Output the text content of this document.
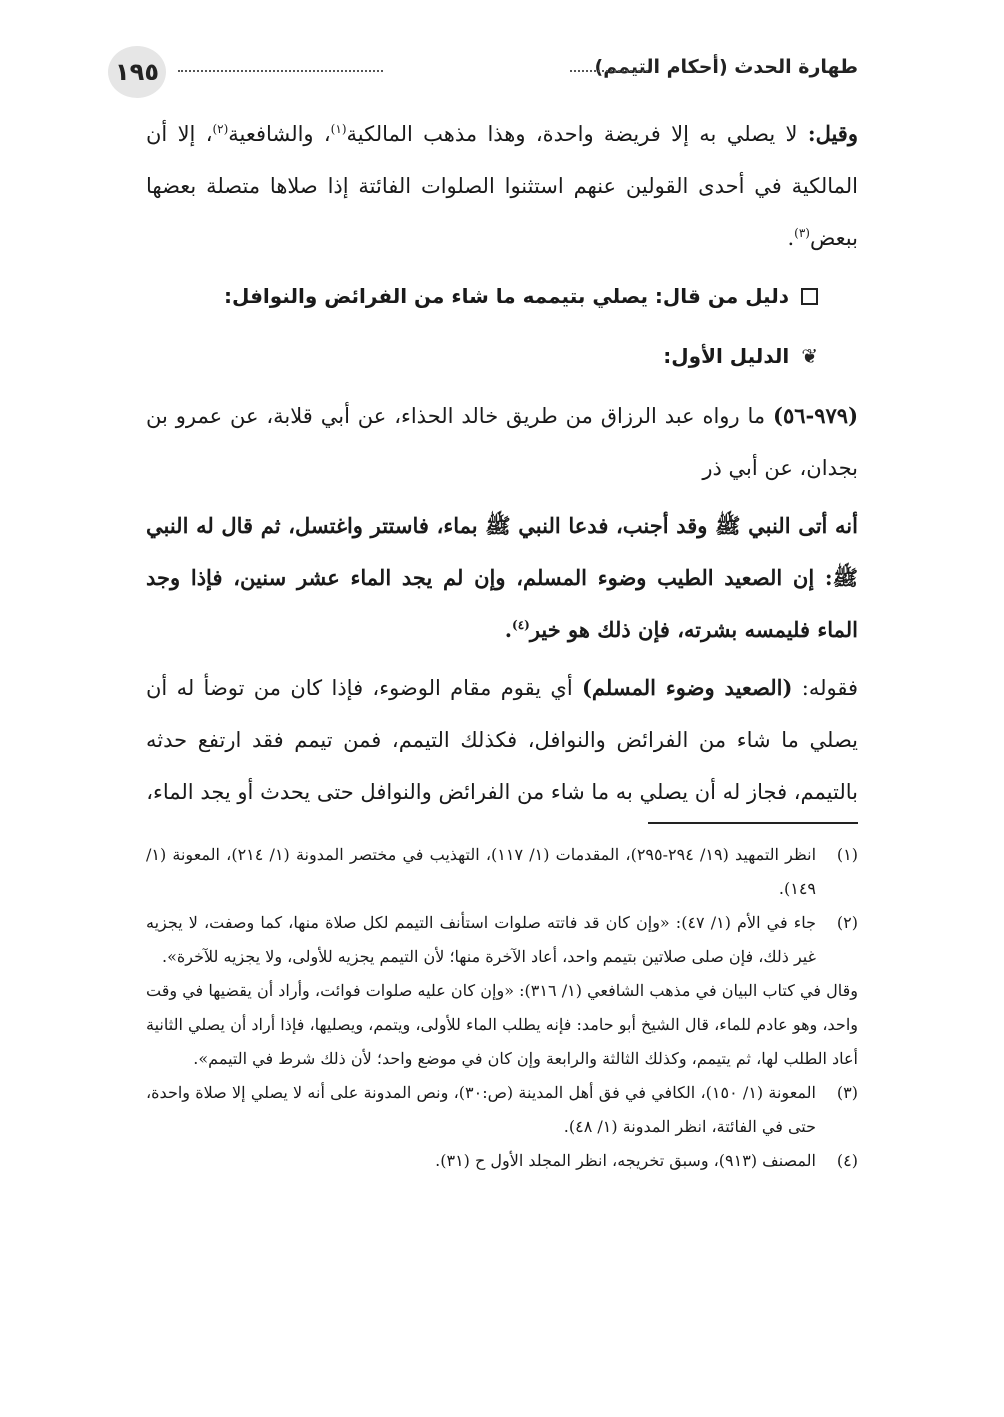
١٩٥	طهارة الحدث (أحكام التيمم)

وقيل: لا يصلي به إلا فريضة واحدة، وهذا مذهب المالكية$^{(١)}$، والشافعية$^{(٢)}$، إلا أن المالكية في أحدى القولين عنهم استثنوا الصلوات الفائتة إذا صلاها متصلة بعضها ببعض$^{(٣)}$.

دليل من قال: يصلي بتيممه ما شاء من الفرائض والنوافل:
❦
الدليل الأول:

(٩٧٩-٥٦) ما رواه عبد الرزاق من طريق خالد الحذاء، عن أبي قلابة، عن عمرو بن بجدان، عن أبي ذر

أنه أتى النبي ﷺ وقد أجنب، فدعا النبي ﷺ بماء، فاستتر واغتسل، ثم قال له النبي ﷺ: إن الصعيد الطيب وضوء المسلم، وإن لم يجد الماء عشر سنين، فإذا وجد الماء فليمسه بشرته، فإن ذلك هو خير$^{(٤)}$.

فقوله: (الصعيد وضوء المسلم) أي يقوم مقام الوضوء، فإذا كان من توضأ له أن يصلي ما شاء من الفرائض والنوافل، فكذلك التيمم، فمن تيمم فقد ارتفع حدثه بالتيمم، فجاز له أن يصلي به ما شاء من الفرائض والنوافل حتى يحدث أو يجد الماء،

(١)
انظر التمهيد (١٩/ ٢٩٤-٢٩٥)، المقدمات (١/ ١١٧)، التهذيب في مختصر المدونة (١/ ٢١٤)، المعونة (١/ ١٤٩).
(٢)
جاء في الأم (١/ ٤٧): «وإن كان قد فاتته صلوات استأنف التيمم لكل صلاة منها، كما وصفت، لا يجزيه غير ذلك، فإن صلى صلاتين بتيمم واحد، أعاد الآخرة منها؛ لأن التيمم يجزيه للأولى، ولا يجزيه للآخرة».

وقال في كتاب البيان في مذهب الشافعي (١/ ٣١٦): «وإن كان عليه صلوات فوائت، وأراد أن يقضيها في وقت واحد، وهو عادم للماء، قال الشيخ أبو حامد: فإنه يطلب الماء للأولى، ويتمم، ويصليها، فإذا أراد أن يصلي الثانية أعاد الطلب لها، ثم يتيمم، وكذلك الثالثة والرابعة وإن كان في موضع واحد؛ لأن ذلك شرط في التيمم».

(٣)
المعونة (١/ ١٥٠)، الكافي في فق أهل المدينة (ص:٣٠)، ونص المدونة على أنه لا يصلي إلا صلاة واحدة، حتى في الفائتة، انظر المدونة (١/ ٤٨).
(٤)
المصنف (٩١٣)، وسبق تخريجه، انظر المجلد الأول ح (٣١).
